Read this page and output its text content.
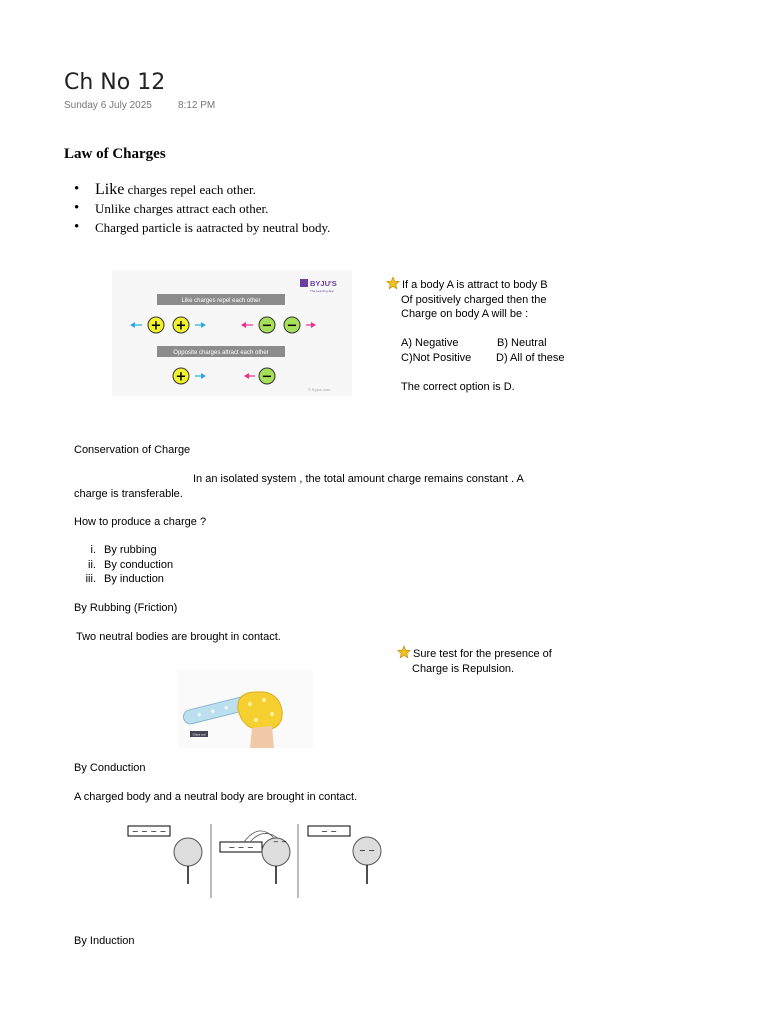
Ch No 12
Sunday 6 July 2025	8:12 PM
Law of Charges
• Like charges repel each other.
• Unlike charges attract each other.
• Charged particle is aatracted by neutral body.
BYJU'S
The Learning App
Like charges repel each other
+ +	− −
Opposite charges attract each other
+	−
© Byjus.com
If a body A is attract to body B
Of positively charged then the
Charge on body A will be :
A) Negative	B) Neutral
C)Not Positive D) All of these
The correct option is D.
Conservation of Charge
In an isolated system , the total amount charge remains constant . A
charge is transferable.
How to produce a charge ?
i. By rubbing
ii. By conduction
iii. By induction
By Rubbing (Friction)
Two neutral bodies are brought in contact.
Sure test for the presence of
Charge is Repulsion.
Glass rod
By Conduction
A charged body and a neutral body are brought in contact.
− − − −
− − −
− −
− −
− −
By Induction
